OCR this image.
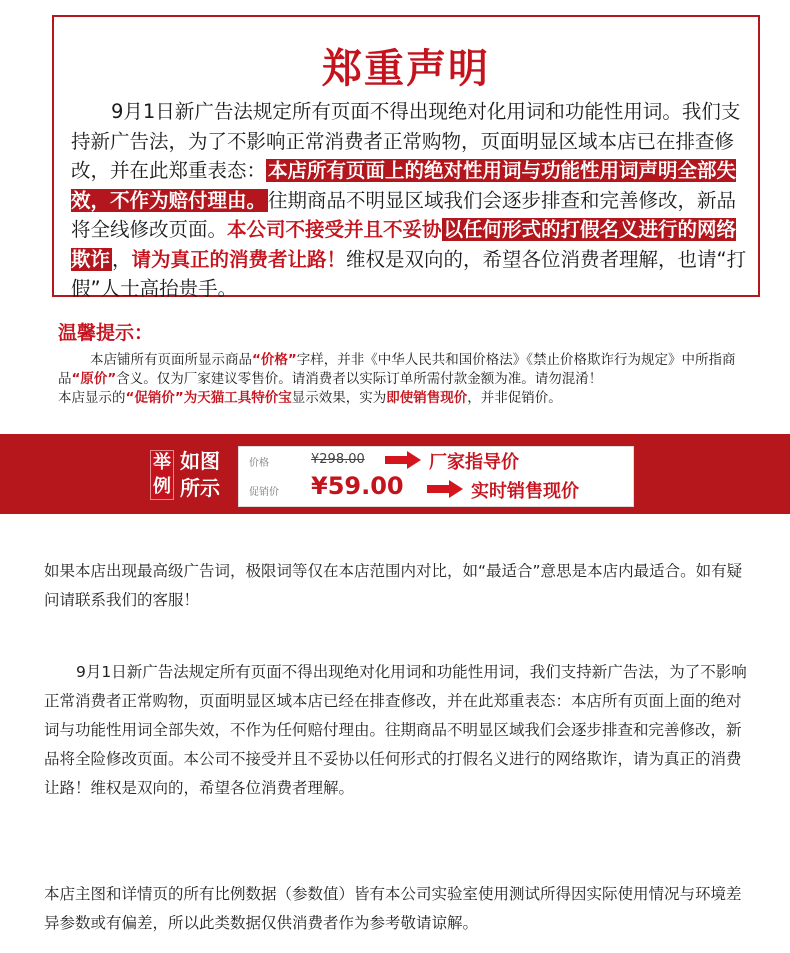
郑重声明
9月1日新广告法规定所有页面不得出现绝对化用词和功能性用词。我们支持新广告法，为了不影响正常消费者正常购物，页面明显区域本店已在排查修改，并在此郑重表态： 本店所有页面上的绝对性用词与功能性用词声明全部失效，不作为赔付理由。 往期商品不明显区域我们会逐步排查和完善修改，新品将全线修改页面。本公司不接受并且不妥协 以任何形式的打假名义进行的网络欺诈 ，请为真正的消费者让路！维权是双向的，希望各位消费者理解，也请“打假”人士高抬贵手。
温馨提示：
本店铺所有页面所显示商品“价格”字样，并非《中华人民共和国价格法》《禁止价格欺诈行为规定》中所指商品“原价”含义。仅为厂家建议零售价。请消费者以实际订单所需付款金额为准。请勿混淆！
本店显示的“促销价”为天猫工具特价宝显示效果，实为即使销售现价，并非促销价。
举例
如图
所示
价格	¥298.00	厂家指导价
促销价 ¥59.00	实时销售现价
如果本店出现最高级广告词，极限词等仅在本店范围内对比，如“最适合”意思是本店内最适合。如有疑问请联系我们的客服！
9月1日新广告法规定所有页面不得出现绝对化用词和功能性用词，我们支持新广告法，为了不影响正常消费者正常购物，页面明显区域本店已经在排查修改，并在此郑重表态：本店所有页面上面的绝对词与功能性用词全部失效，不作为任何赔付理由。往期商品不明显区域我们会逐步排查和完善修改，新品将全险修改页面。本公司不接受并且不妥协以任何形式的打假名义进行的网络欺诈，请为真正的消费让路！维权是双向的，希望各位消费者理解。
本店主图和详情页的所有比例数据（参数值）皆有本公司实验室使用测试所得因实际使用情况与环境差异参数或有偏差，所以此类数据仅供消费者作为参考敬请谅解。
